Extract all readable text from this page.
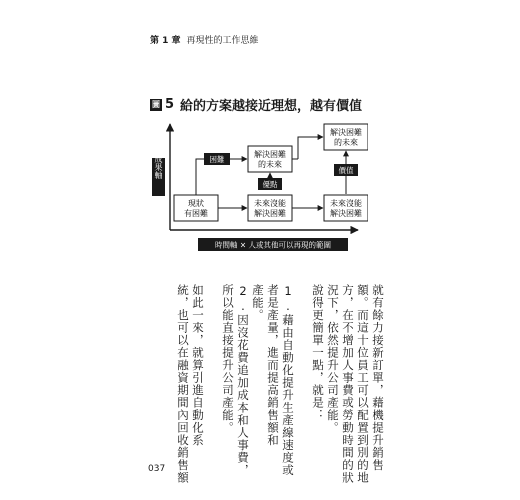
第 1 章 再現性的工作思維
圖 5 給的方案越接近理想，越有價值
成果軸
時間軸 × 人或其他可以再現的範圍
現狀
有困難
未來沒能
解決困難
解決困難
的未來
未來沒能
解決困難
解決困難
的未來
困難
優點
價值
就有餘力接新訂單，藉機提升銷售
額。而這十位員工可以配置到別的地
方，在不增加人事費或勞動時間的狀
況下，依然提升公司產能。
說得更簡單一點，就是：
1.藉由自動化提升生產線速度或
者是產量，進而提高銷售額和
產能。
2.因沒花費追加成本和人事費，
所以能直接提升公司產能。
如此一來，就算引進自動化系
統，也可以在融資期間內回收銷售額
037
